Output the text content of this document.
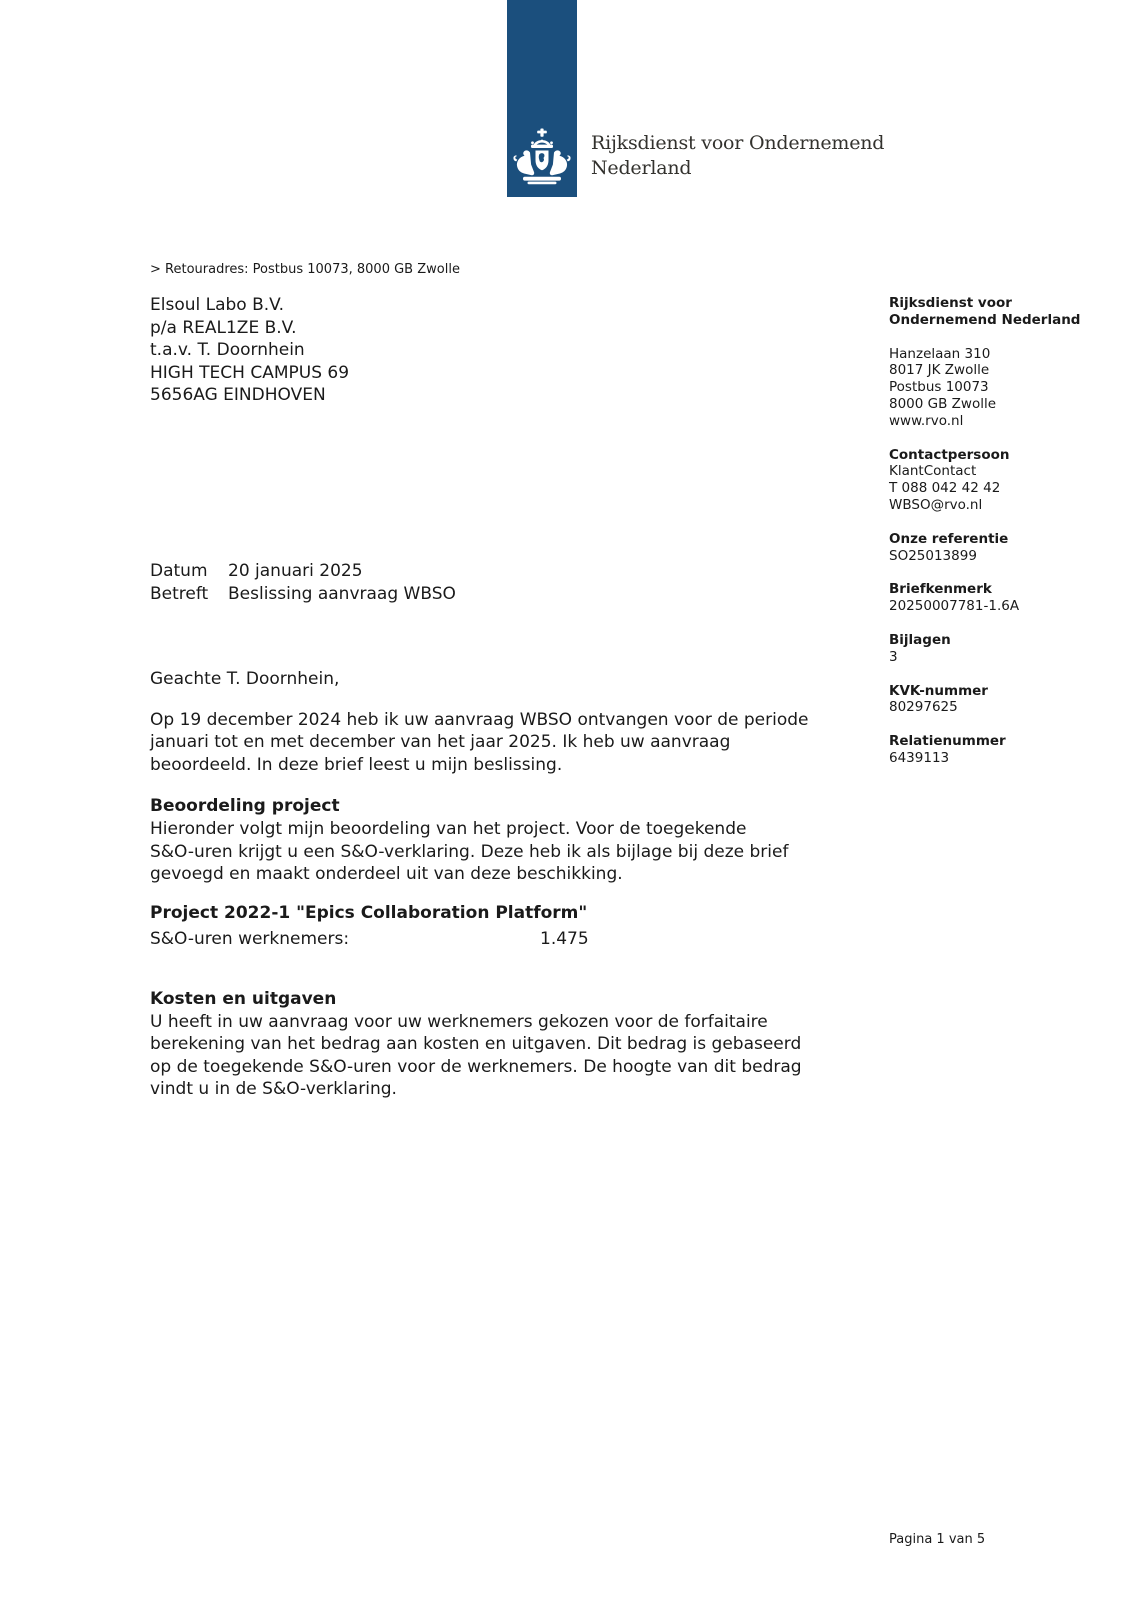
Rijksdienst voor Ondernemend
Nederland
> Retouradres: Postbus 10073, 8000 GB Zwolle
Elsoul Labo B.V.
p/a REAL1ZE B.V.
t.a.v. T. Doornhein
HIGH TECH CAMPUS 69
5656AG EINDHOVEN
Datum 20 januari 2025
Betreft Beslissing aanvraag WBSO
Geachte T. Doornhein,
Op 19 december 2024 heb ik uw aanvraag WBSO ontvangen voor de periode
januari tot en met december van het jaar 2025. Ik heb uw aanvraag
beoordeeld. In deze brief leest u mijn beslissing.
Beoordeling project
Hieronder volgt mijn beoordeling van het project. Voor de toegekende
S&O-uren krijgt u een S&O-verklaring. Deze heb ik als bijlage bij deze brief
gevoegd en maakt onderdeel uit van deze beschikking.
Project 2022-1 "Epics Collaboration Platform"
S&O-uren werknemers:	1.475
Kosten en uitgaven
U heeft in uw aanvraag voor uw werknemers gekozen voor de forfaitaire
berekening van het bedrag aan kosten en uitgaven. Dit bedrag is gebaseerd
op de toegekende S&O-uren voor de werknemers. De hoogte van dit bedrag
vindt u in de S&O-verklaring.
Rijksdienst voor
Ondernemend Nederland
Hanzelaan 310
8017 JK Zwolle
Postbus 10073
8000 GB Zwolle
www.rvo.nl
Contactpersoon
KlantContact
T 088 042 42 42
WBSO@rvo.nl
Onze referentie
SO25013899
Briefkenmerk
20250007781-1.6A
Bijlagen
3
KVK-nummer
80297625
Relatienummer
6439113
Pagina 1 van 5
